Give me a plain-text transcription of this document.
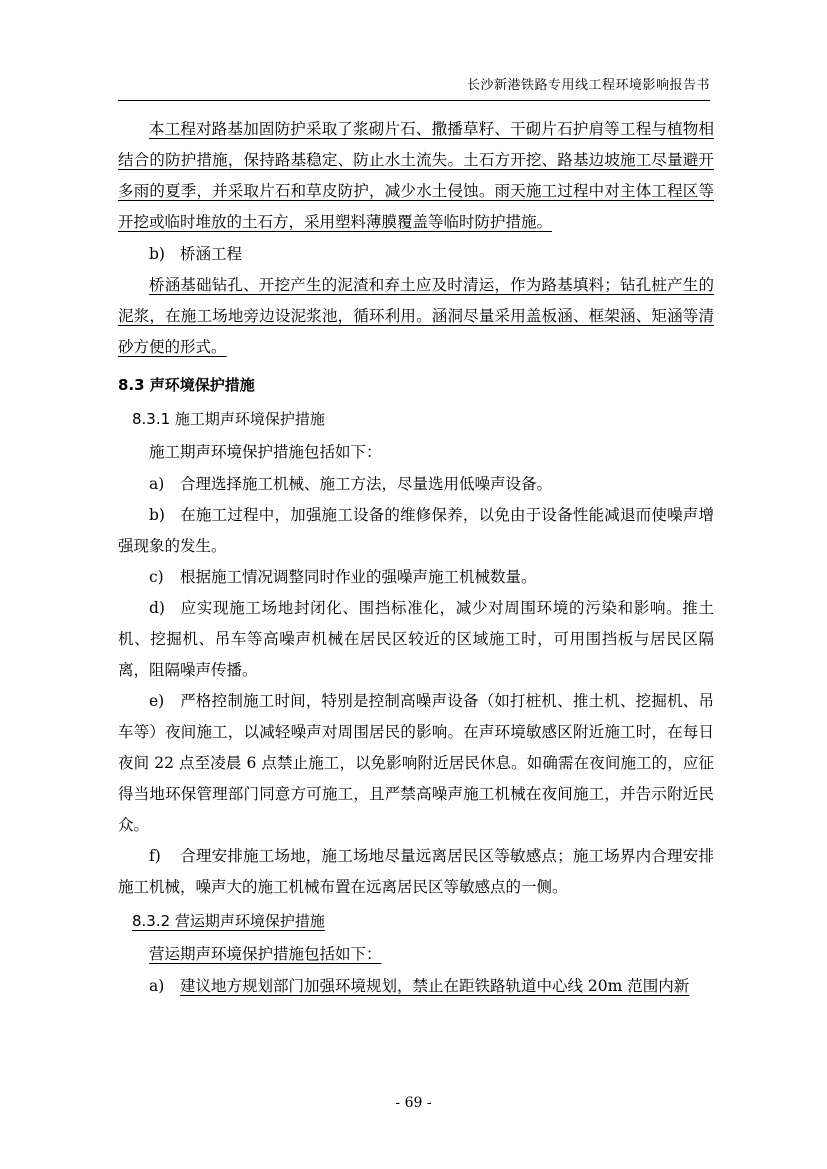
长沙新港铁路专用线工程环境影响报告书

本工程对路基加固防护采取了浆砌片石、撒播草籽、干砌片石护肩等工程与植物相结合的防护措施，保持路基稳定、防止水土流失。土石方开挖、路基边坡施工尽量避开多雨的夏季，并采取片石和草皮防护，减少水土侵蚀。雨天施工过程中对主体工程区等开挖或临时堆放的土石方，采用塑料薄膜覆盖等临时防护措施。

b) 桥涵工程

桥涵基础钻孔、开挖产生的泥渣和弃土应及时清运，作为路基填料；钻孔桩产生的泥浆，在施工场地旁边设泥浆池，循环利用。涵洞尽量采用盖板涵、框架涵、矩涵等清砂方便的形式。

8.3 声环境保护措施
8.3.1 施工期声环境保护措施

施工期声环境保护措施包括如下：

a) 合理选择施工机械、施工方法，尽量选用低噪声设备。

b) 在施工过程中，加强施工设备的维修保养，以免由于设备性能减退而使噪声增强现象的发生。

c) 根据施工情况调整同时作业的强噪声施工机械数量。

d) 应实现施工场地封闭化、围挡标准化，减少对周围环境的污染和影响。推土机、挖掘机、吊车等高噪声机械在居民区较近的区域施工时，可用围挡板与居民区隔离，阻隔噪声传播。

e) 严格控制施工时间，特别是控制高噪声设备（如打桩机、推土机、挖掘机、吊车等）夜间施工，以减轻噪声对周围居民的影响。在声环境敏感区附近施工时，在每日夜间 22 点至凌晨 6 点禁止施工，以免影响附近居民休息。如确需在夜间施工的，应征得当地环保管理部门同意方可施工，且严禁高噪声施工机械在夜间施工，并告示附近民众。

f) 合理安排施工场地，施工场地尽量远离居民区等敏感点；施工场界内合理安排施工机械，噪声大的施工机械布置在远离居民区等敏感点的一侧。

8.3.2 营运期声环境保护措施

营运期声环境保护措施包括如下：

a) 建议地方规划部门加强环境规划，禁止在距铁路轨道中心线 20m 范围内新

- 69 -
